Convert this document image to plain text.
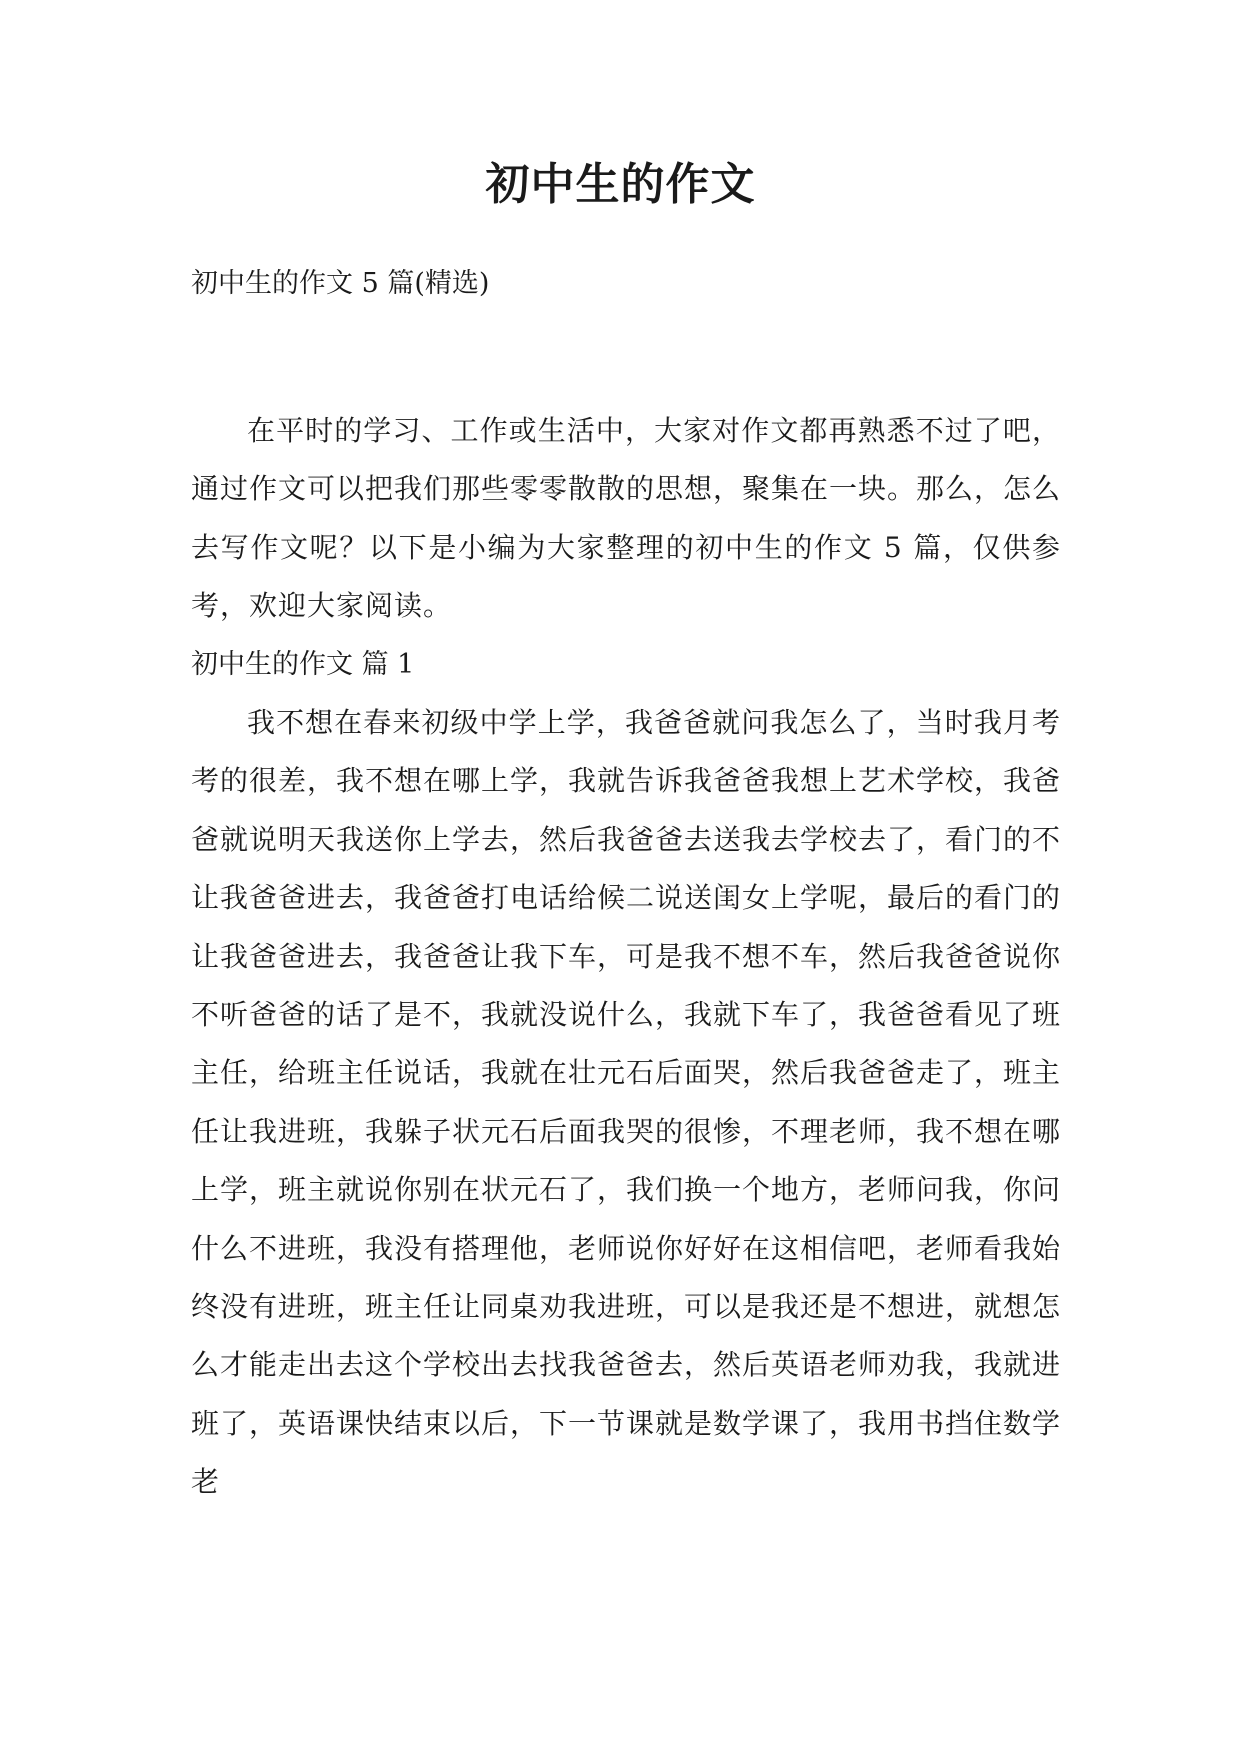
初中生的作文
初中生的作文 5 篇(精选)

在平时的学习、工作或生活中，大家对作文都再熟悉不过了吧，通过作文可以把我们那些零零散散的思想，聚集在一块。那么，怎么去写作文呢？以下是小编为大家整理的初中生的作文 5 篇，仅供参考，欢迎大家阅读。

初中生的作文 篇 1

我不想在春来初级中学上学，我爸爸就问我怎么了，当时我月考考的很差，我不想在哪上学，我就告诉我爸爸我想上艺术学校，我爸爸就说明天我送你上学去，然后我爸爸去送我去学校去了，看门的不让我爸爸进去，我爸爸打电话给候二说送闺女上学呢，最后的看门的让我爸爸进去，我爸爸让我下车，可是我不想不车，然后我爸爸说你不听爸爸的话了是不，我就没说什么，我就下车了，我爸爸看见了班主任，给班主任说话，我就在壮元石后面哭，然后我爸爸走了，班主任让我进班，我躲子状元石后面我哭的很惨，不理老师，我不想在哪上学，班主就说你别在状元石了，我们换一个地方，老师问我，你问什么不进班，我没有搭理他，老师说你好好在这相信吧，老师看我始终没有进班，班主任让同桌劝我进班，可以是我还是不想进，就想怎么才能走出去这个学校出去找我爸爸去，然后英语老师劝我，我就进班了，英语课快结束以后，下一节课就是数学课了，我用书挡住数学老
